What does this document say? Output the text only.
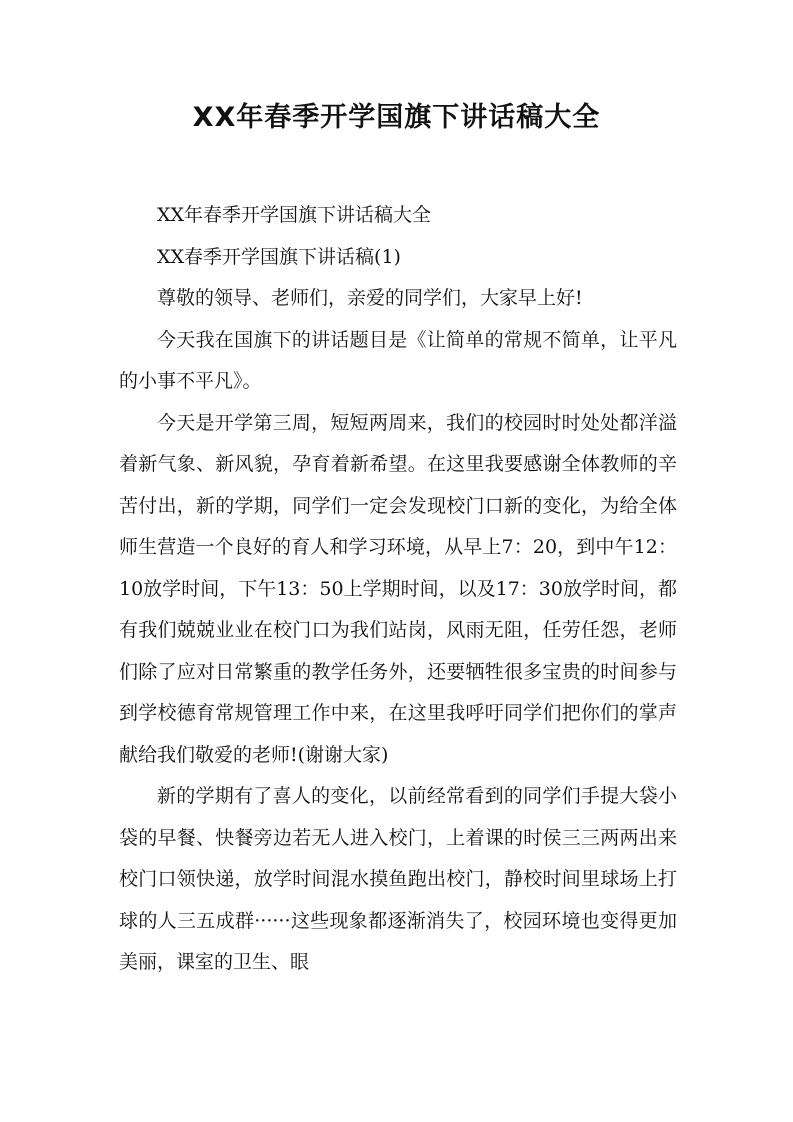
XX年春季开学国旗下讲话稿大全

XX年春季开学国旗下讲话稿大全

XX春季开学国旗下讲话稿(1)

尊敬的领导、老师们，亲爱的同学们，大家早上好!

今天我在国旗下的讲话题目是《让简单的常规不简单，让平凡的小事不平凡》。

今天是开学第三周，短短两周来，我们的校园时时处处都洋溢着新气象、新风貌，孕育着新希望。在这里我要感谢全体教师的辛苦付出，新的学期，同学们一定会发现校门口新的变化，为给全体师生营造一个良好的育人和学习环境，从早上7：20，到中午12：10放学时间，下午13：50上学期时间，以及17：30放学时间，都有我们兢兢业业在校门口为我们站岗，风雨无阻，任劳任怨，老师们除了应对日常繁重的教学任务外，还要牺牲很多宝贵的时间参与到学校德育常规管理工作中来，在这里我呼吁同学们把你们的掌声献给我们敬爱的老师!(谢谢大家)

新的学期有了喜人的变化，以前经常看到的同学们手提大袋小袋的早餐、快餐旁边若无人进入校门，上着课的时侯三三两两出来校门口领快递，放学时间混水摸鱼跑出校门，静校时间里球场上打球的人三五成群······这些现象都逐渐消失了，校园环境也变得更加美丽，课室的卫生、眼
